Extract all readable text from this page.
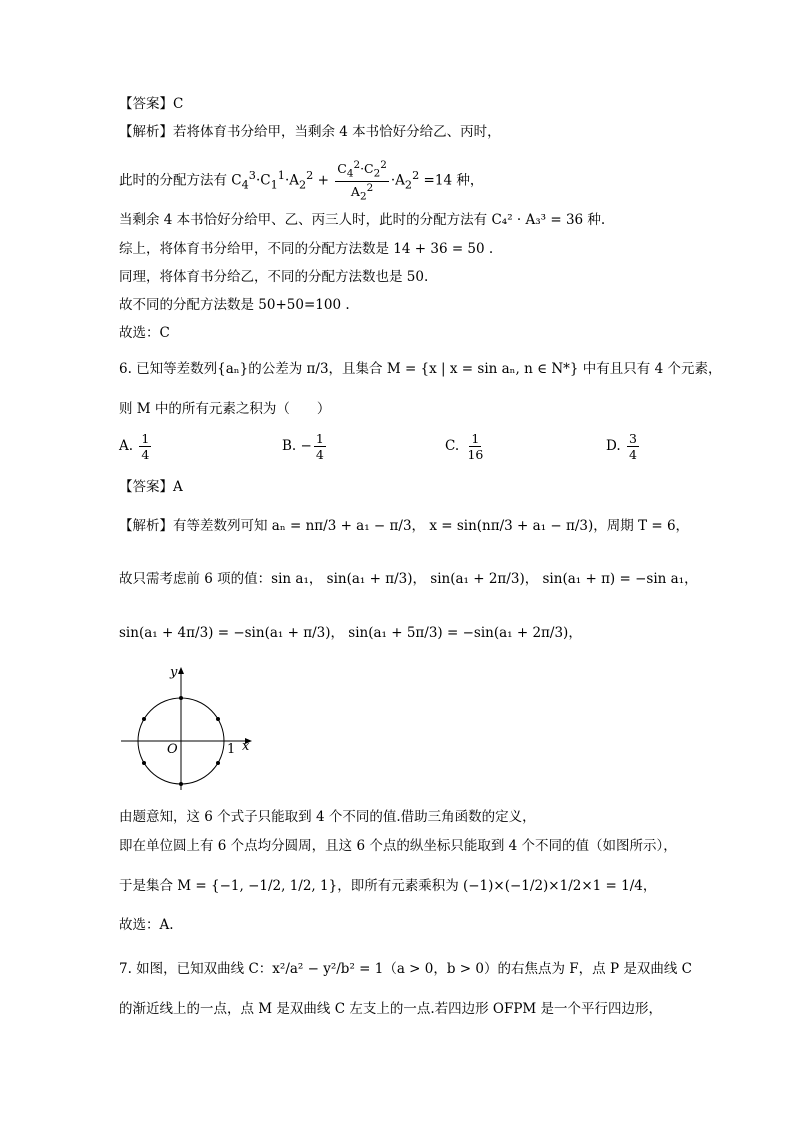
【答案】C
【解析】若将体育书分给甲，当剩余 4 本书恰好分给乙、丙时，
此时的分配方法有 $C_4^3\cdot C_1^1\cdot A_2^2 + \frac{C_4^2\cdot C_2^2}{A_2^2} \cdot A_2^2 =14$ 种，
当剩余 4 本书恰好分给甲、乙、丙三人时，此时的分配方法有 C₄² · A₃³ = 36 种.
综上，将体育书分给甲，不同的分配方法数是 14 + 36 = 50 .
同理，将体育书分给乙，不同的分配方法数也是 50.
故不同的分配方法数是 50+50=100 .
故选：C
6. 已知等差数列{aₙ}的公差为 π/3，且集合 M = {x | x = sin aₙ, n ∈ N*} 中有且只有 4 个元素，
则 M 中的所有元素之积为（　　）
A. $\frac{1}{4}$	B. − $\frac{1}{4}$	C. $\frac{1}{16}$	D. $\frac{3}{4}$
【答案】A
【解析】有等差数列可知 aₙ = nπ/3 + a₁ − π/3， x = sin(nπ/3 + a₁ − π/3)，周期 T = 6，
故只需考虑前 6 项的值：sin a₁， sin(a₁ + π/3)， sin(a₁ + 2π/3)， sin(a₁ + π) = −sin a₁，
sin(a₁ + 4π/3) = −sin(a₁ + π/3)， sin(a₁ + 5π/3) = −sin(a₁ + 2π/3)，
y
x
O	1
由题意知，这 6 个式子只能取到 4 个不同的值.借助三角函数的定义，
即在单位圆上有 6 个点均分圆周，且这 6 个点的纵坐标只能取到 4 个不同的值（如图所示），
于是集合 M = {−1, −1/2, 1/2, 1}，即所有元素乘积为 (−1)×(−1/2)×1/2×1 = 1/4，
故选：A.
7. 如图，已知双曲线 C：x²/a² − y²/b² = 1（a > 0，b > 0）的右焦点为 F，点 P 是双曲线 C
的渐近线上的一点，点 M 是双曲线 C 左支上的一点.若四边形 OFPM 是一个平行四边形，
